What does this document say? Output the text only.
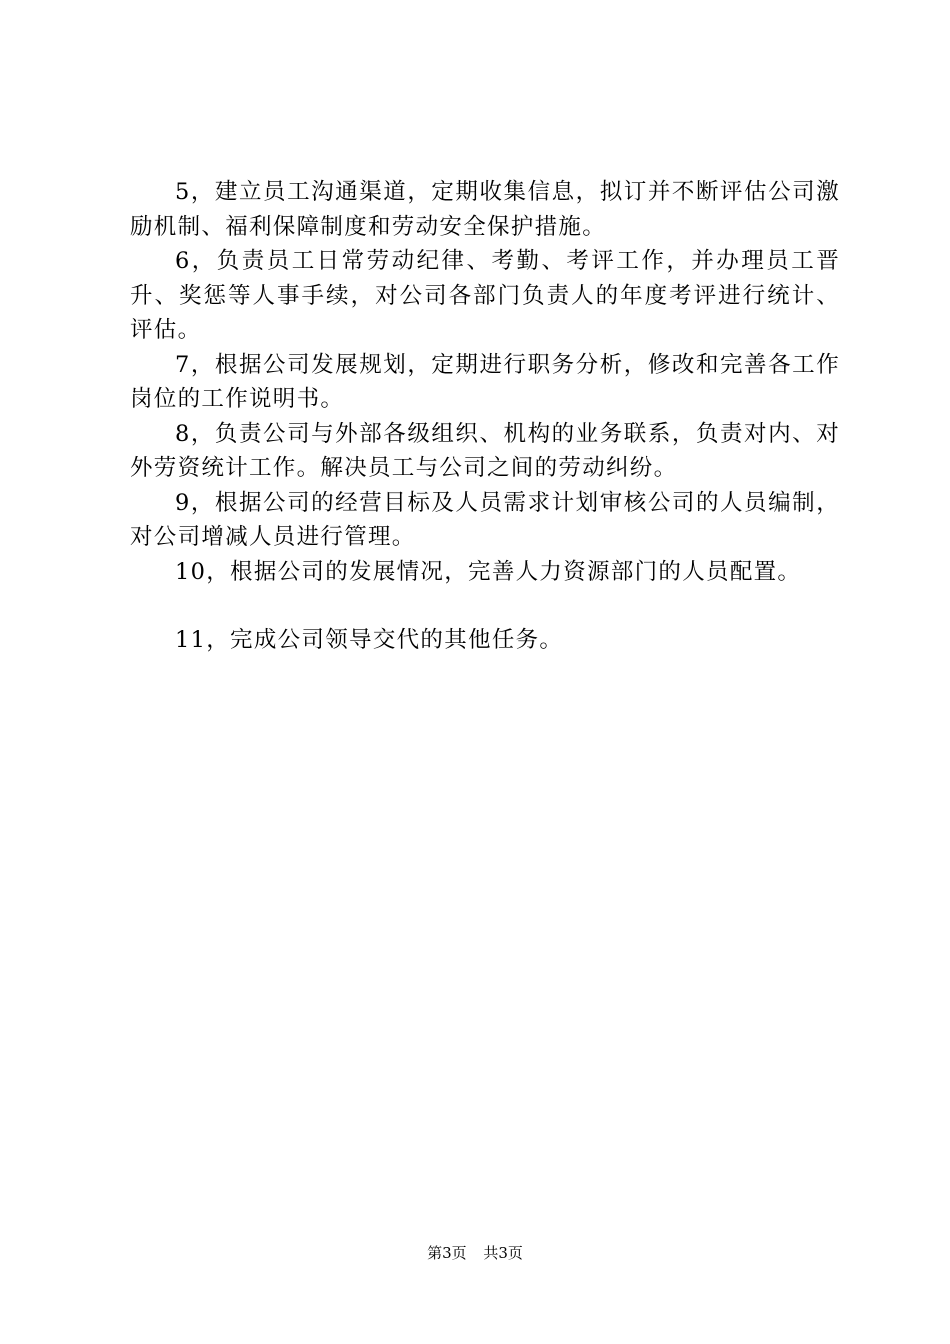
5，建立员工沟通渠道，定期收集信息，拟订并不断评估公司激励机制、福利保障制度和劳动安全保护措施。

6，负责员工日常劳动纪律、考勤、考评工作，并办理员工晋升、奖惩等人事手续，对公司各部门负责人的年度考评进行统计、评估。

7，根据公司发展规划，定期进行职务分析，修改和完善各工作岗位的工作说明书。

8，负责公司与外部各级组织、机构的业务联系，负责对内、对外劳资统计工作。解决员工与公司之间的劳动纠纷。

9，根据公司的经营目标及人员需求计划审核公司的人员编制，对公司增减人员进行管理。

10，根据公司的发展情况，完善人力资源部门的人员配置。

11，完成公司领导交代的其他任务。

第3页 共3页
